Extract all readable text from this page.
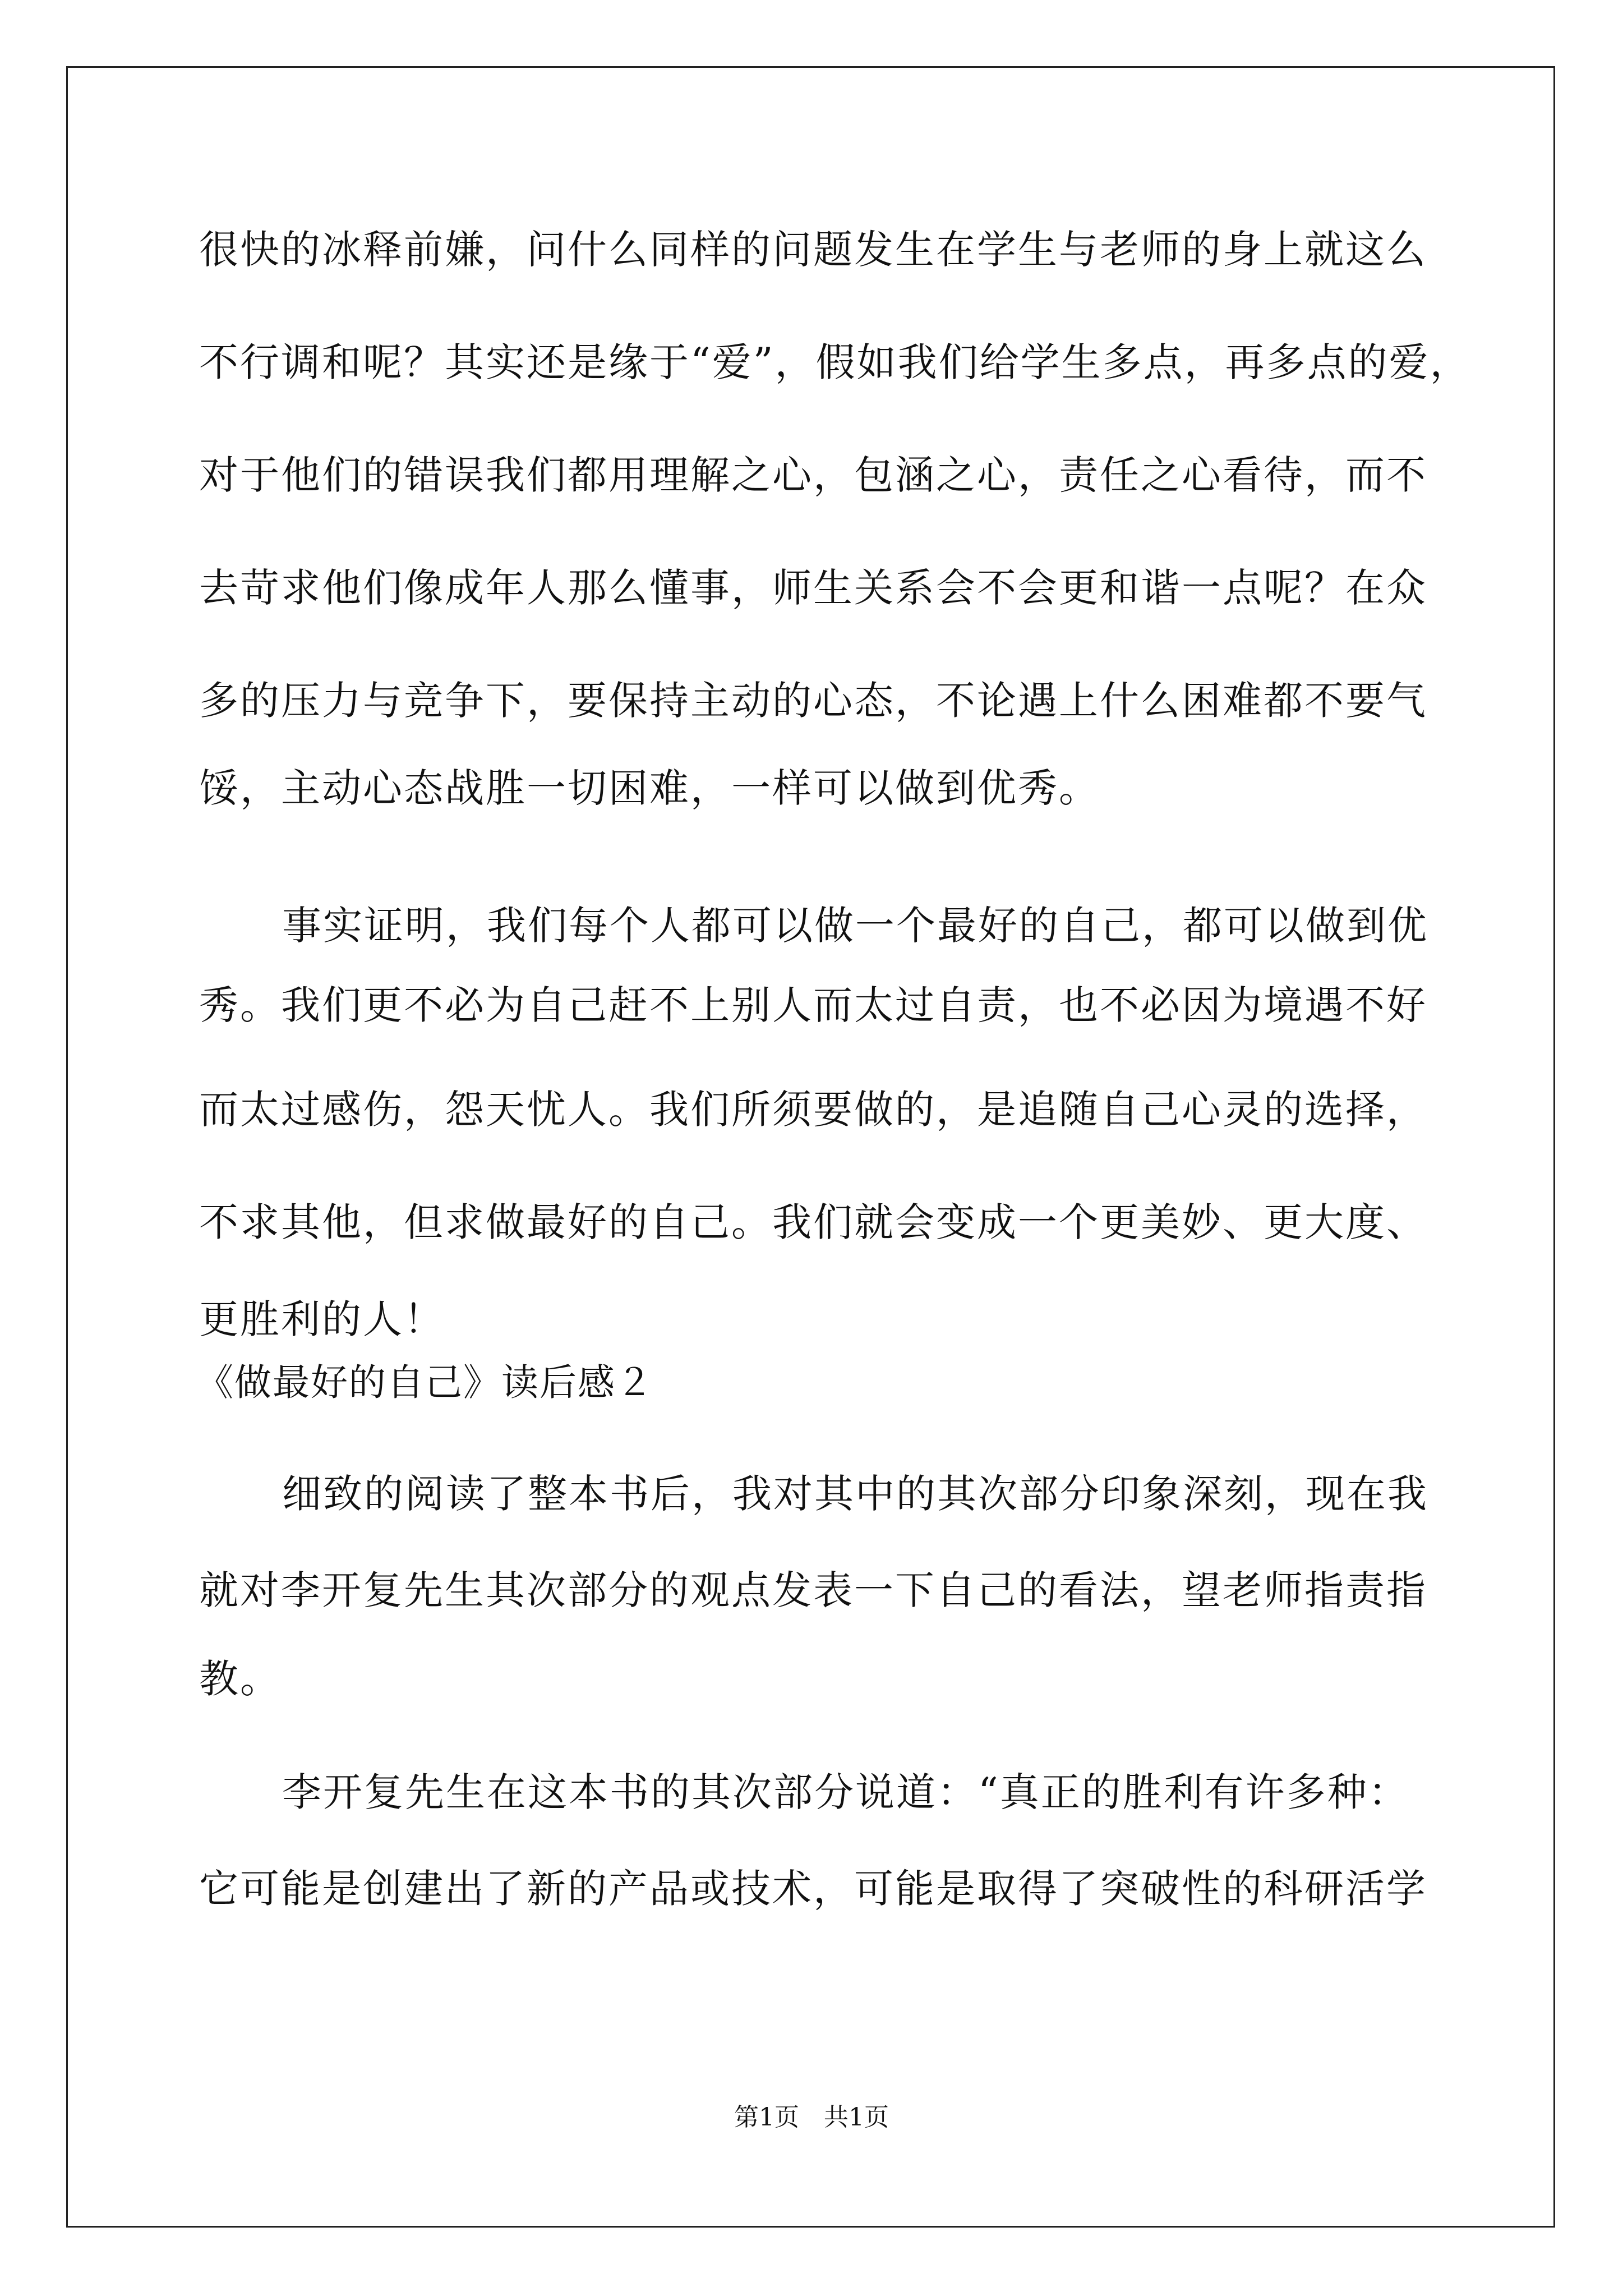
很快的冰释前嫌，问什么同样的问题发生在学生与老师的身上就这么
不行调和呢？其实还是缘于“爱”，假如我们给学生多点，再多点的爱，
对于他们的错误我们都用理解之心，包涵之心，责任之心看待，而不
去苛求他们像成年人那么懂事，师生关系会不会更和谐一点呢？在众
多的压力与竞争下，要保持主动的心态，不论遇上什么困难都不要气
馁，主动心态战胜一切困难，一样可以做到优秀。
事实证明，我们每个人都可以做一个最好的自己，都可以做到优
秀。我们更不必为自己赶不上别人而太过自责，也不必因为境遇不好
而太过感伤，怨天忧人。我们所须要做的，是追随自己心灵的选择，
不求其他，但求做最好的自己。我们就会变成一个更美妙、更大度、
更胜利的人！
《做最好的自己》读后感２
细致的阅读了整本书后，我对其中的其次部分印象深刻，现在我
就对李开复先生其次部分的观点发表一下自己的看法，望老师指责指
教。
李开复先生在这本书的其次部分说道：“真正的胜利有许多种：
它可能是创建出了新的产品或技术，可能是取得了突破性的科研活学
第1页　共1页
